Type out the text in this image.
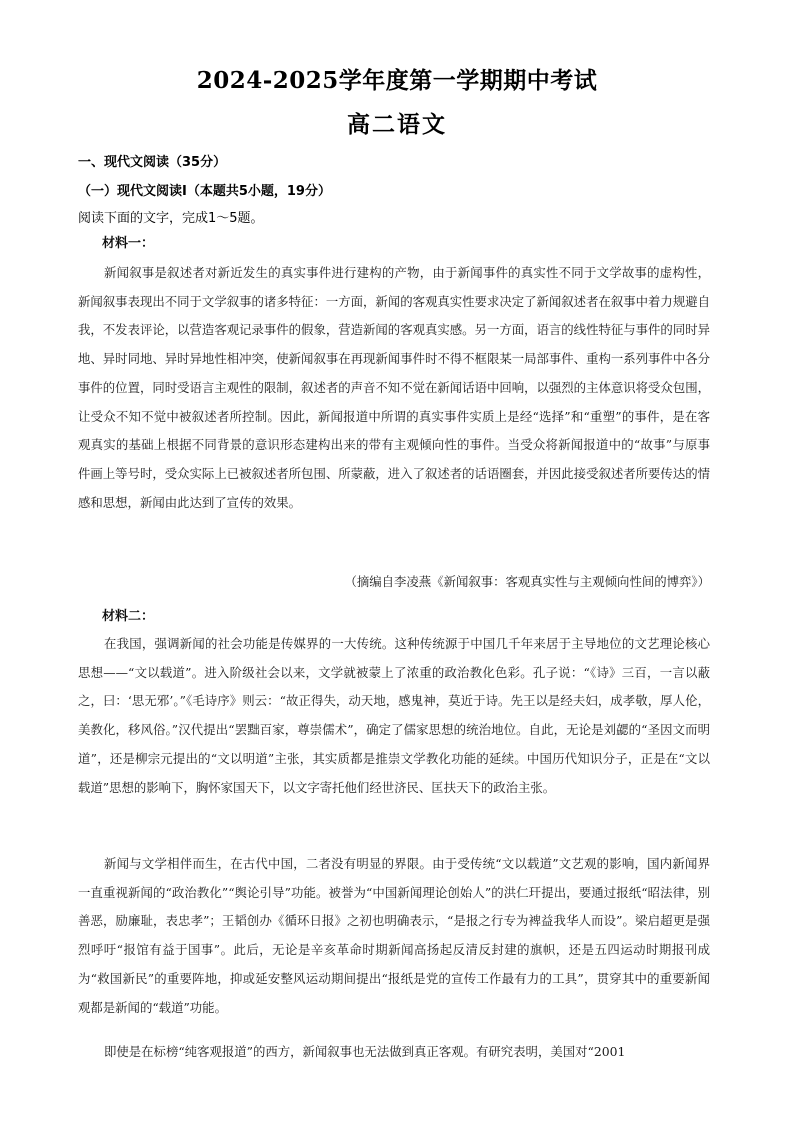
2024-2025学年度第一学期期中考试
高二语文
一、现代文阅读（35分）
（一）现代文阅读Ⅰ（本题共5小题，19分）
阅读下面的文字，完成1～5题。
材料一：

新闻叙事是叙述者对新近发生的真实事件进行建构的产物，由于新闻事件的真实性不同于文学故事的虚构性，新闻叙事表现出不同于文学叙事的诸多特征：一方面，新闻的客观真实性要求决定了新闻叙述者在叙事中着力规避自我，不发表评论，以营造客观记录事件的假象，营造新闻的客观真实感。另一方面，语言的线性特征与事件的同时异地、异时同地、异时异地性相冲突，使新闻叙事在再现新闻事件时不得不框限某一局部事件、重构一系列事件中各分事件的位置，同时受语言主观性的限制，叙述者的声音不知不觉在新闻话语中回响，以强烈的主体意识将受众包围，让受众不知不觉中被叙述者所控制。因此，新闻报道中所谓的真实事件实质上是经“选择”和“重塑”的事件，是在客观真实的基础上根据不同背景的意识形态建构出来的带有主观倾向性的事件。当受众将新闻报道中的“故事”与原事件画上等号时，受众实际上已被叙述者所包围、所蒙蔽，进入了叙述者的话语圈套，并因此接受叙述者所要传达的情感和思想，新闻由此达到了宣传的效果。

（摘编自李凌燕《新闻叙事：客观真实性与主观倾向性间的博弈》）
材料二：

在我国，强调新闻的社会功能是传媒界的一大传统。这种传统源于中国几千年来居于主导地位的文艺理论核心思想——“文以载道”。进入阶级社会以来，文学就被蒙上了浓重的政治教化色彩。孔子说：“《诗》三百，一言以蔽之，曰：‘思无邪’。”《毛诗序》则云：“故正得失，动天地，感鬼神，莫近于诗。先王以是经夫妇，成孝敬，厚人伦，美教化，移风俗。”汉代提出“罢黜百家，尊崇儒术”，确定了儒家思想的统治地位。自此，无论是刘勰的“圣因文而明道”，还是柳宗元提出的“文以明道”主张，其实质都是推崇文学教化功能的延续。中国历代知识分子，正是在“文以载道”思想的影响下，胸怀家国天下，以文字寄托他们经世济民、匡扶天下的政治主张。

新闻与文学相伴而生，在古代中国，二者没有明显的界限。由于受传统“文以载道”文艺观的影响，国内新闻界一直重视新闻的“政治教化”“舆论引导”功能。被誉为“中国新闻理论创始人”的洪仁玕提出，要通过报纸“昭法律，别善恶，励廉耻，表忠孝”；王韬创办《循环日报》之初也明确表示，“是报之行专为裨益我华人而设”。梁启超更是强烈呼吁“报馆有益于国事”。此后，无论是辛亥革命时期新闻高扬起反清反封建的旗帜，还是五四运动时期报刊成为“救国新民”的重要阵地，抑或延安整风运动期间提出“报纸是党的宣传工作最有力的工具”，贯穿其中的重要新闻观都是新闻的“载道”功能。

即使是在标榜“纯客观报道”的西方，新闻叙事也无法做到真正客观。有研究表明，美国对“2001
